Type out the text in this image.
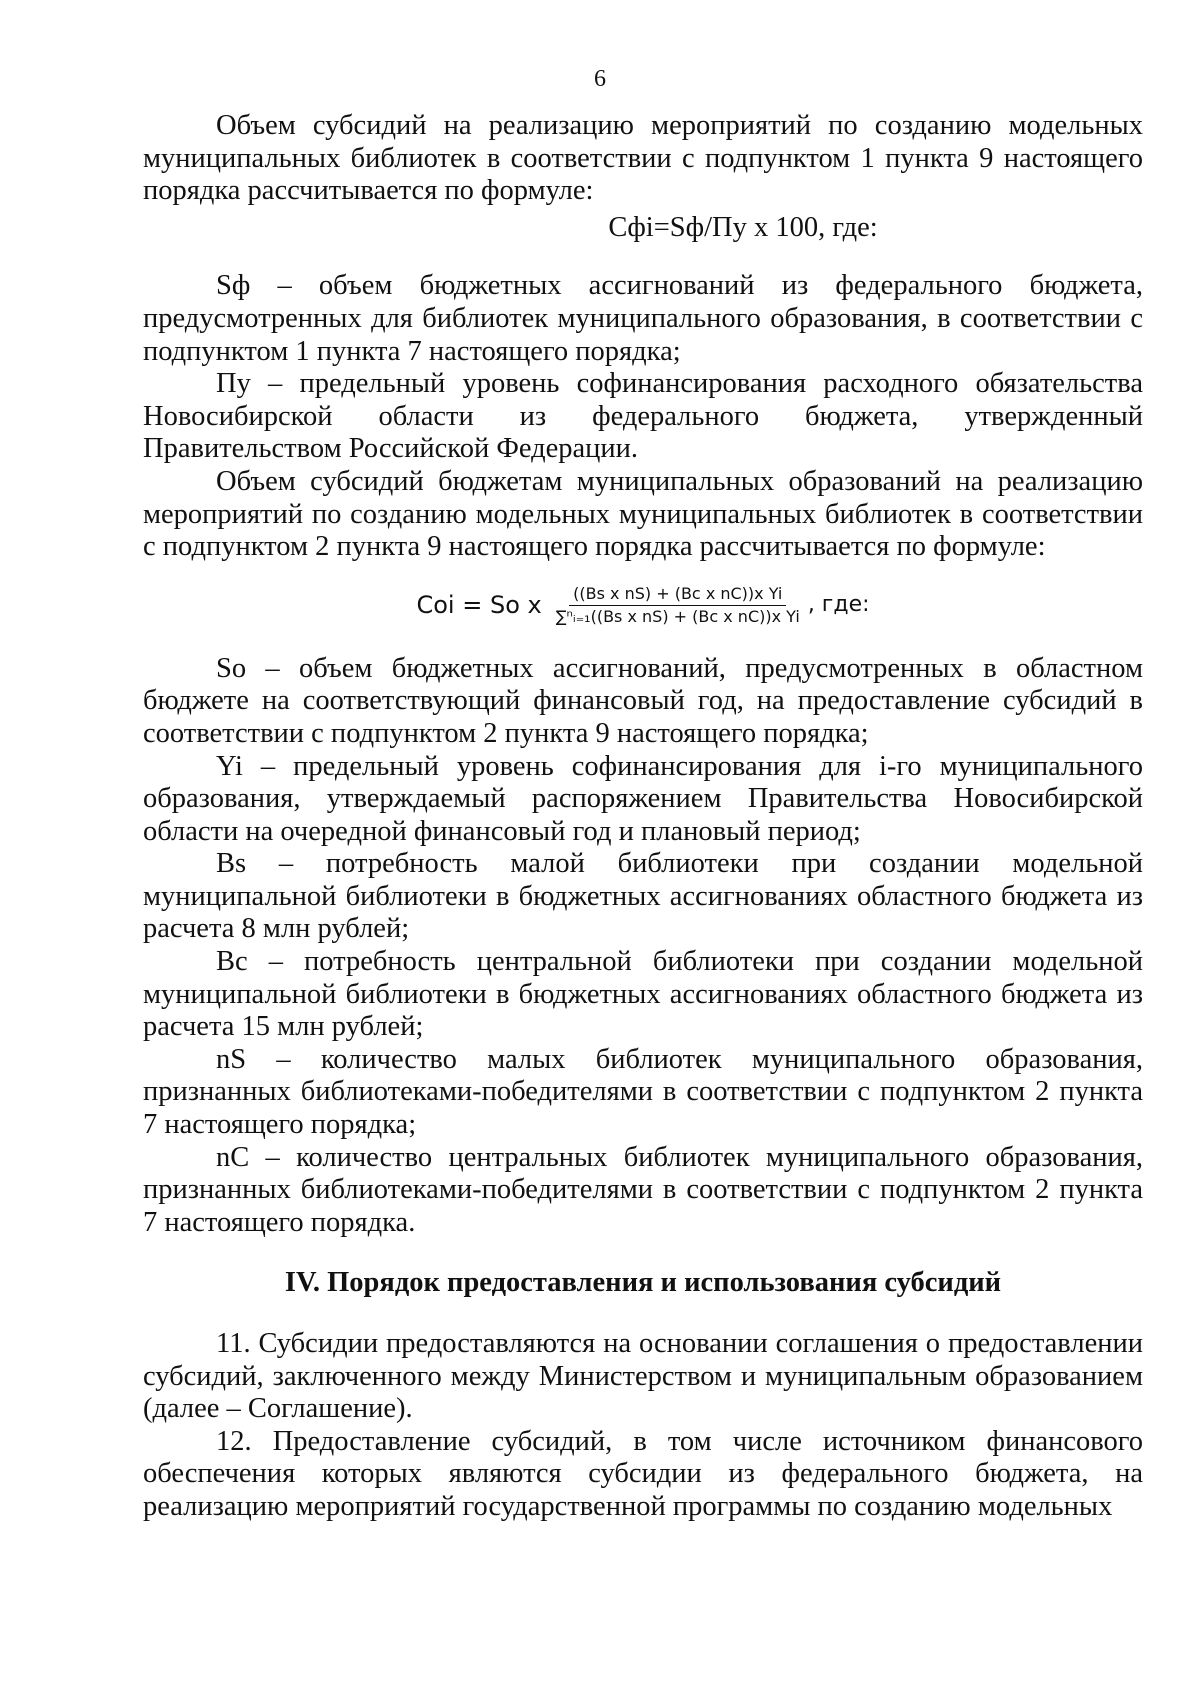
6

Объем субсидий на реализацию мероприятий по созданию модельных муниципальных библиотек в соответствии с подпунктом 1 пункта 9 настоящего порядка рассчитывается по формуле:

Сфi=Sф/Пу х 100, где:

Sф – объем бюджетных ассигнований из федерального бюджета, предусмотренных для библиотек муниципального образования, в соответствии с подпунктом 1 пункта 7 настоящего порядка;

Пу – предельный уровень софинансирования расходного обязательства Новосибирской области из федерального бюджета, утвержденный Правительством Российской Федерации.

Объем субсидий бюджетам муниципальных образований на реализацию мероприятий по созданию модельных муниципальных библиотек в соответствии с подпунктом 2 пункта 9 настоящего порядка рассчитывается по формуле:

Coi = So x $\frac{\text{((Bs x nS) + (Bc x nC))x Yi}}{\text{∑ⁿᵢ₌₁((Bs x nS) + (Bc x nC))x Yi}}$ , где:

So – объем бюджетных ассигнований, предусмотренных в областном бюджете на соответствующий финансовый год, на предоставление субсидий в соответствии с подпунктом 2 пункта 9 настоящего порядка;

Yi – предельный уровень софинансирования для i-го муниципального образования, утверждаемый распоряжением Правительства Новосибирской области на очередной финансовый год и плановый период;

Bs – потребность малой библиотеки при создании модельной муниципальной библиотеки в бюджетных ассигнованиях областного бюджета из расчета 8 млн рублей;

Bc – потребность центральной библиотеки при создании модельной муниципальной библиотеки в бюджетных ассигнованиях областного бюджета из расчета 15 млн рублей;

nS – количество малых библиотек муниципального образования, признанных библиотеками-победителями в соответствии с подпунктом 2 пункта 7 настоящего порядка;

nC – количество центральных библиотек муниципального образования, признанных библиотеками-победителями в соответствии с подпунктом 2 пункта 7 настоящего порядка.

IV. Порядок предоставления и использования субсидий

11. Субсидии предоставляются на основании соглашения о предоставлении субсидий, заключенного между Министерством и муниципальным образованием (далее – Соглашение).

12. Предоставление субсидий, в том числе источником финансового обеспечения которых являются субсидии из федерального бюджета, на реализацию мероприятий государственной программы по созданию модельных
